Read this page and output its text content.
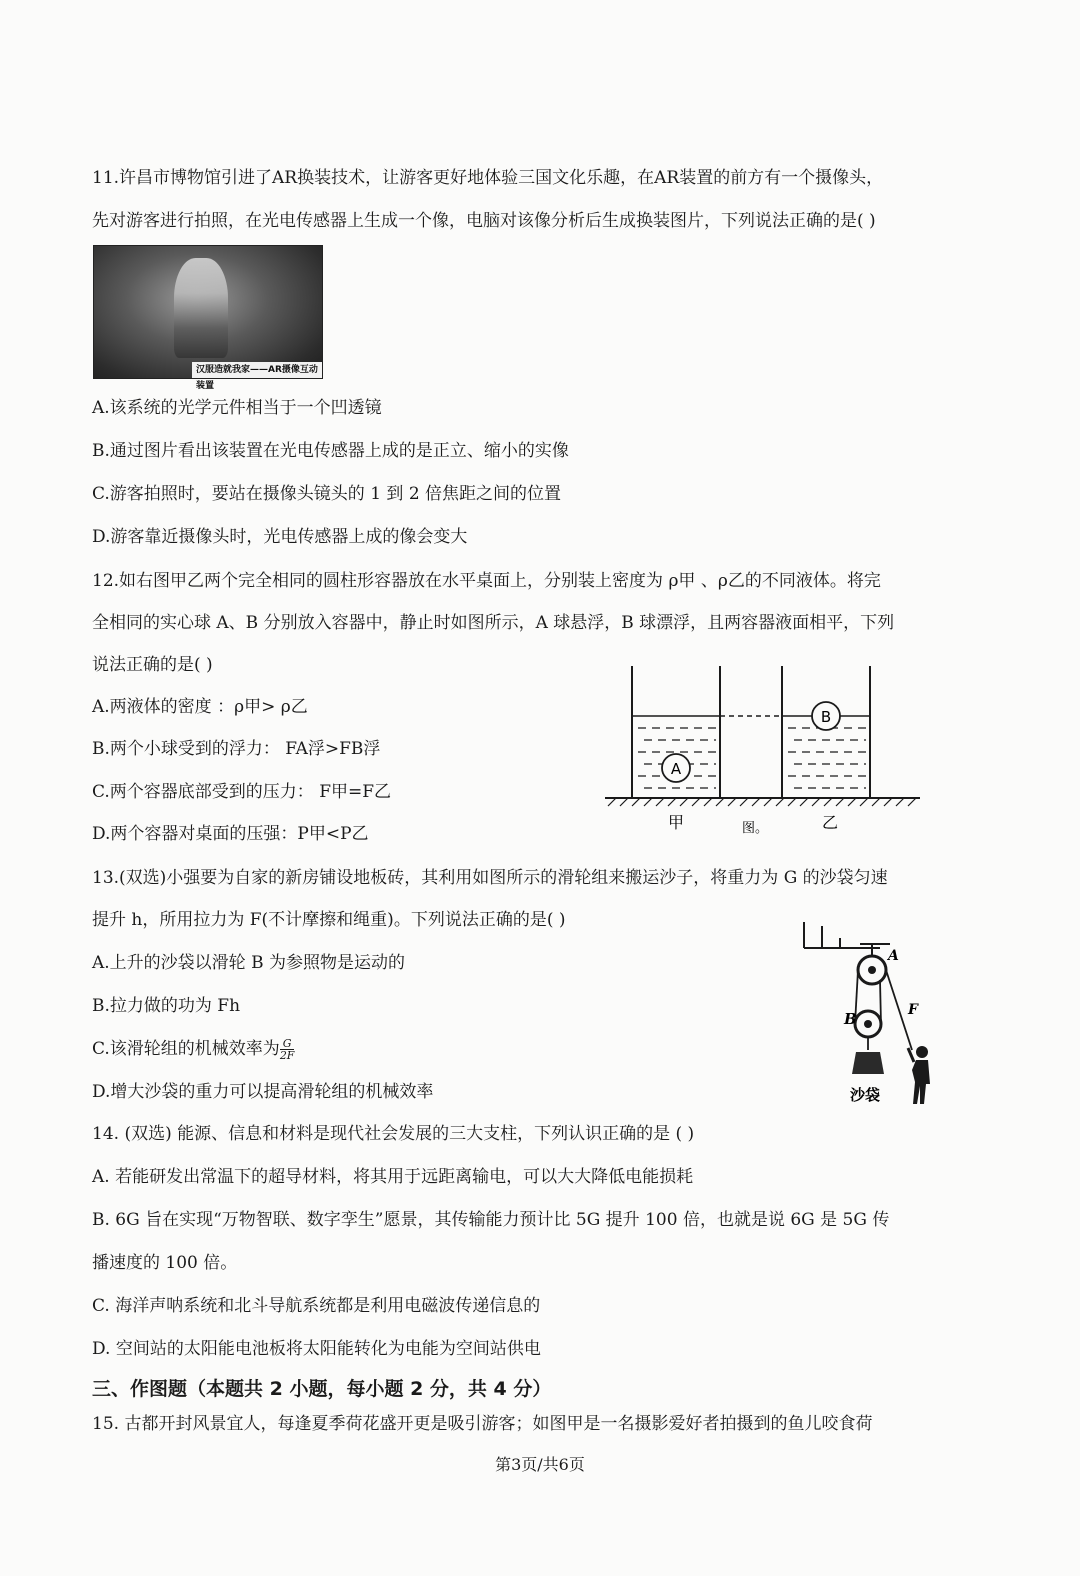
11.许昌市博物馆引进了AR换装技术，让游客更好地体验三国文化乐趣，在AR装置的前方有一个摄像头，
先对游客进行拍照，在光电传感器上生成一个像，电脑对该像分析后生成换装图片，下列说法正确的是( )
汉服造就我家——AR摄像互动装置
A.该系统的光学元件相当于一个凹透镜
B.通过图片看出该装置在光电传感器上成的是正立、缩小的实像
C.游客拍照时，要站在摄像头镜头的 1 到 2 倍焦距之间的位置
D.游客靠近摄像头时，光电传感器上成的像会变大
12.如右图甲乙两个完全相同的圆柱形容器放在水平桌面上，分别装上密度为 ρ甲 、ρ乙的不同液体。将完
全相同的实心球 A、B 分别放入容器中，静止时如图所示，A 球悬浮，B 球漂浮，且两容器液面相平，下列
说法正确的是( )
A.两液体的密度 ：ρ甲> ρ乙
B.两个小球受到的浮力： FA浮>FB浮
C.两个容器底部受到的压力： F甲=F乙
D.两个容器对桌面的压强：P甲<P乙
A
B
甲	图。	乙
13.(双选)小强要为自家的新房铺设地板砖，其利用如图所示的滑轮组来搬运沙子，将重力为 G 的沙袋匀速
提升 h，所用拉力为 F(不计摩擦和绳重)。下列说法正确的是( )
A.上升的沙袋以滑轮 B 为参照物是运动的
B.拉力做的功为 Fh
C.该滑轮组的机械效率为 $\frac{G}{2F}$
D.增大沙袋的重力可以提高滑轮组的机械效率
A
B	F
沙袋
14. (双选) 能源、信息和材料是现代社会发展的三大支柱，下列认识正确的是 ( )
A. 若能研发出常温下的超导材料，将其用于远距离输电，可以大大降低电能损耗
B. 6G 旨在实现“万物智联、数字孪生”愿景，其传输能力预计比 5G 提升 100 倍，也就是说 6G 是 5G 传
播速度的 100 倍。
C. 海洋声呐系统和北斗导航系统都是利用电磁波传递信息的
D. 空间站的太阳能电池板将太阳能转化为电能为空间站供电
三、作图题（本题共 2 小题，每小题 2 分，共 4 分）
15. 古都开封风景宜人，每逢夏季荷花盛开更是吸引游客；如图甲是一名摄影爱好者拍摄到的鱼儿咬食荷
第3页/共6页
